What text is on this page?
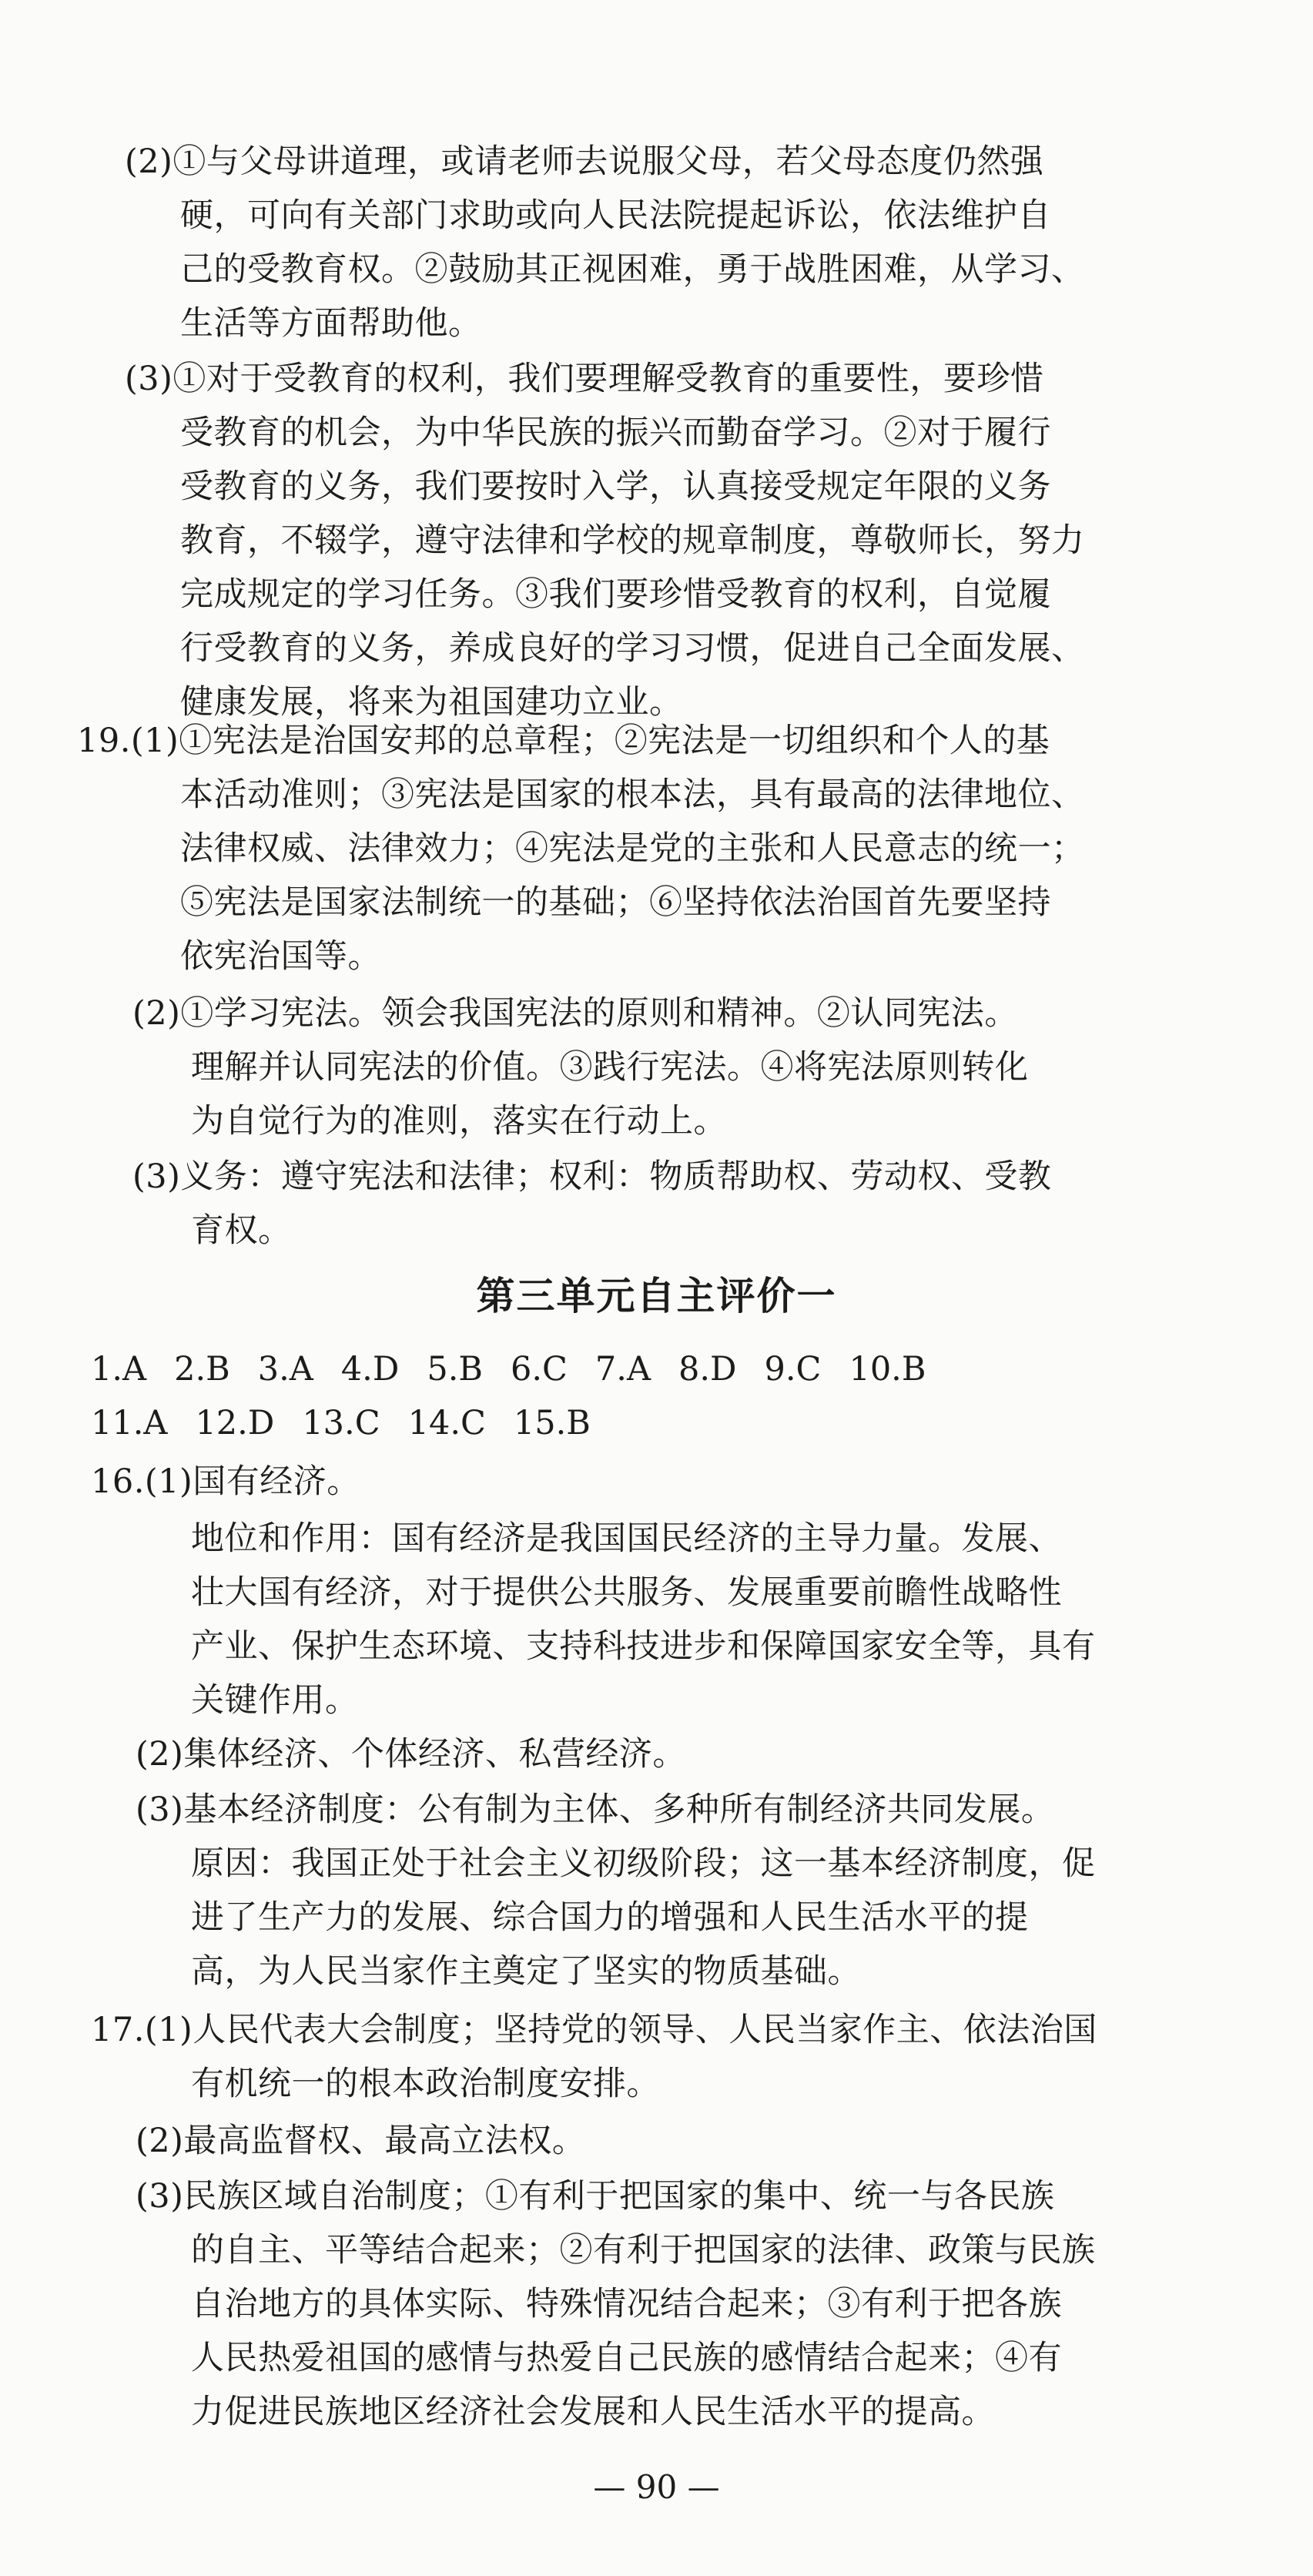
(2)①与父母讲道理，或请老师去说服父母，若父母态度仍然强
硬，可向有关部门求助或向人民法院提起诉讼，依法维护自
己的受教育权。②鼓励其正视困难，勇于战胜困难，从学习、
生活等方面帮助他。
(3)①对于受教育的权利，我们要理解受教育的重要性，要珍惜
受教育的机会，为中华民族的振兴而勤奋学习。②对于履行
受教育的义务，我们要按时入学，认真接受规定年限的义务
教育，不辍学，遵守法律和学校的规章制度，尊敬师长，努力
完成规定的学习任务。③我们要珍惜受教育的权利，自觉履
行受教育的义务，养成良好的学习习惯，促进自己全面发展、
健康发展，将来为祖国建功立业。
19.(1)①宪法是治国安邦的总章程；②宪法是一切组织和个人的基
本活动准则；③宪法是国家的根本法，具有最高的法律地位、
法律权威、法律效力；④宪法是党的主张和人民意志的统一；
⑤宪法是国家法制统一的基础；⑥坚持依法治国首先要坚持
依宪治国等。
(2)①学习宪法。领会我国宪法的原则和精神。②认同宪法。
理解并认同宪法的价值。③践行宪法。④将宪法原则转化
为自觉行为的准则，落实在行动上。
(3)义务：遵守宪法和法律；权利：物质帮助权、劳动权、受教
育权。
第三单元自主评价一
1.A 2.B 3.A 4.D 5.B 6.C 7.A 8.D 9.C 10.B
11.A 12.D 13.C 14.C 15.B
16.(1)国有经济。
地位和作用：国有经济是我国国民经济的主导力量。发展、
壮大国有经济，对于提供公共服务、发展重要前瞻性战略性
产业、保护生态环境、支持科技进步和保障国家安全等，具有
关键作用。
(2)集体经济、个体经济、私营经济。
(3)基本经济制度：公有制为主体、多种所有制经济共同发展。
原因：我国正处于社会主义初级阶段；这一基本经济制度，促
进了生产力的发展、综合国力的增强和人民生活水平的提
高，为人民当家作主奠定了坚实的物质基础。
17.(1)人民代表大会制度；坚持党的领导、人民当家作主、依法治国
有机统一的根本政治制度安排。
(2)最高监督权、最高立法权。
(3)民族区域自治制度；①有利于把国家的集中、统一与各民族
的自主、平等结合起来；②有利于把国家的法律、政策与民族
自治地方的具体实际、特殊情况结合起来；③有利于把各族
人民热爱祖国的感情与热爱自己民族的感情结合起来；④有
力促进民族地区经济社会发展和人民生活水平的提高。
— 90 —
